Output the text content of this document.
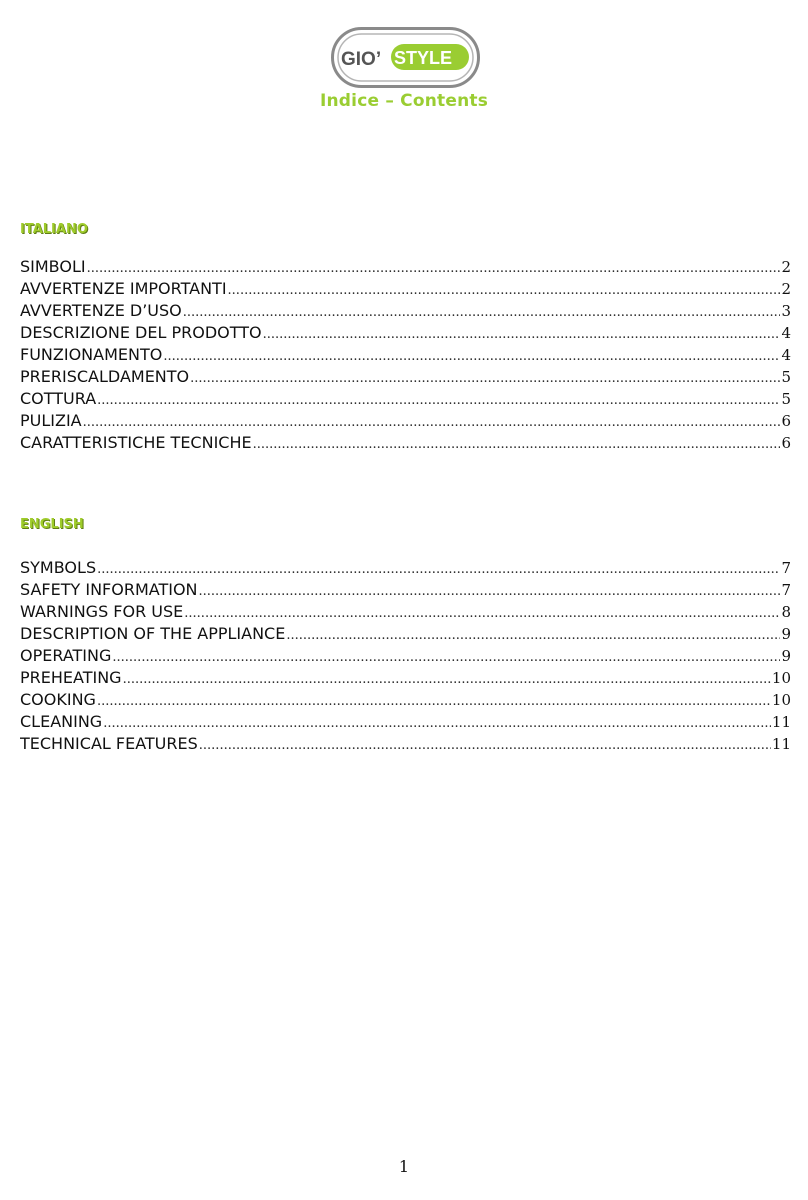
GIO’ STYLE
Indice – Contents
ITALIANO
SIMBOLI .....	2
AVVERTENZE IMPORTANTI .....	2
AVVERTENZE D’USO .....	3
DESCRIZIONE DEL PRODOTTO .....	4
FUNZIONAMENTO .....	4
PRERISCALDAMENTO .....	5
COTTURA .....	5
PULIZIA .....	6
CARATTERISTICHE TECNICHE .....	6
ENGLISH
SYMBOLS .....	7
SAFETY INFORMATION .....	7
WARNINGS FOR USE .....	8
DESCRIPTION OF THE APPLIANCE .....	9
OPERATING .....	9
PREHEATING .....	10
COOKING .....	10
CLEANING .....	11
TECHNICAL FEATURES .....	11
1
